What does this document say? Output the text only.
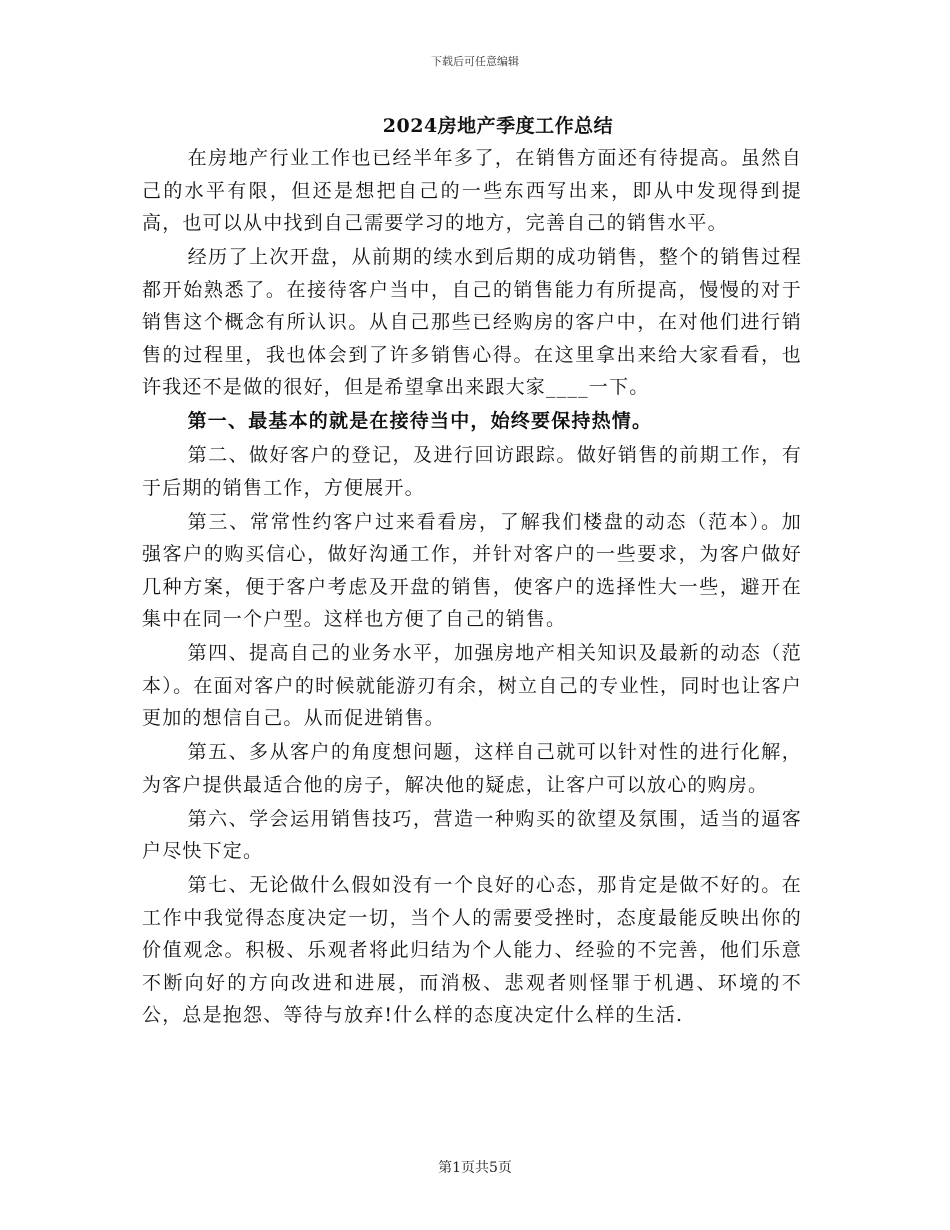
下载后可任意编辑
2024房地产季度工作总结

在房地产行业工作也已经半年多了，在销售方面还有待提高。虽然自己的水平有限，但还是想把自己的一些东西写出来，即从中发现得到提高，也可以从中找到自己需要学习的地方，完善自己的销售水平。

经历了上次开盘，从前期的续水到后期的成功销售，整个的销售过程都开始熟悉了。在接待客户当中，自己的销售能力有所提高，慢慢的对于销售这个概念有所认识。从自己那些已经购房的客户中，在对他们进行销售的过程里，我也体会到了许多销售心得。在这里拿出来给大家看看，也许我还不是做的很好，但是希望拿出来跟大家____一下。

第一、最基本的就是在接待当中，始终要保持热情。

第二、做好客户的登记，及进行回访跟踪。做好销售的前期工作，有于后期的销售工作，方便展开。

第三、常常性约客户过来看看房，了解我们楼盘的动态（范本）。加强客户的购买信心，做好沟通工作，并针对客户的一些要求，为客户做好几种方案，便于客户考虑及开盘的销售，使客户的选择性大一些，避开在集中在同一个户型。这样也方便了自己的销售。

第四、提高自己的业务水平，加强房地产相关知识及最新的动态（范本）。在面对客户的时候就能游刃有余，树立自己的专业性，同时也让客户更加的想信自己。从而促进销售。

第五、多从客户的角度想问题，这样自己就可以针对性的进行化解，为客户提供最适合他的房子，解决他的疑虑，让客户可以放心的购房。

第六、学会运用销售技巧，营造一种购买的欲望及氛围，适当的逼客户尽快下定。

第七、无论做什么假如没有一个良好的心态，那肯定是做不好的。在工作中我觉得态度决定一切，当个人的需要受挫时，态度最能反映出你的价值观念。积极、乐观者将此归结为个人能力、经验的不完善，他们乐意不断向好的方向改进和进展，而消极、悲观者则怪罪于机遇、环境的不公，总是抱怨、等待与放弃!什么样的态度决定什么样的生活.

第1页共5页
